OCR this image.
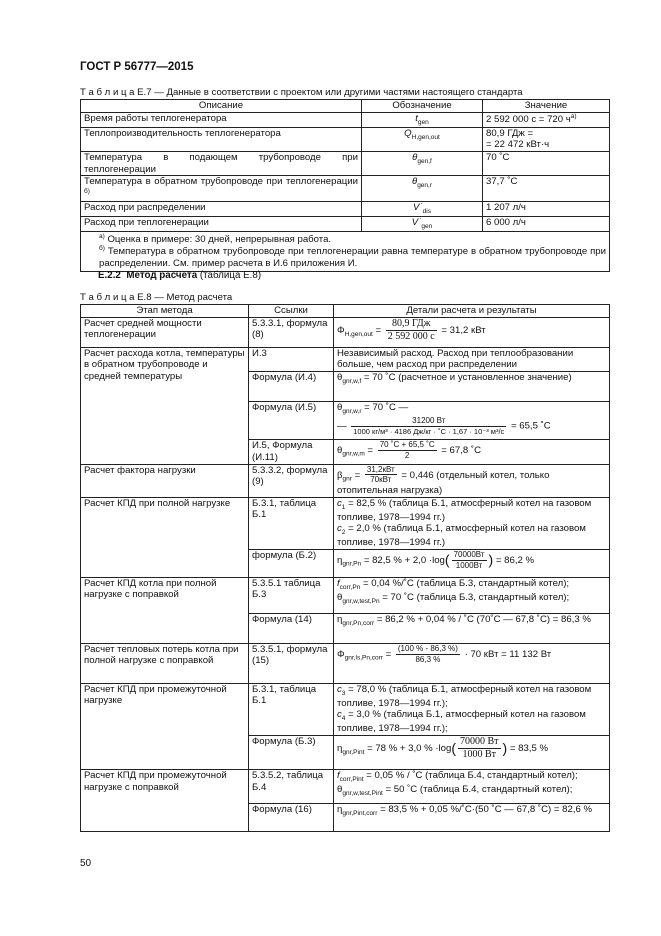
ГОСТ Р 56777—2015
Т а б л и ц а Е.7 — Данные в соответствии с проектом или другими частями настоящего стандарта
Описание	Обозначение	Значение
Время работы теплогенератора	$t_{gen}$	2 592 000 с = 720 $ч^{а)}$
Теплопроизводительность теплогенератора	$Q_{H,gen,out}$	80,9 ГДж =
= 22 472 кВт·ч

Температура в подающем трубопроводе при теплогенерации	$\theta_{gen,f}$	70 ˚С
Температура в обратном трубопроводе при теплогенерации $^{б)}$	$\theta_{gen,r}$	37,7 ˚С
Расход при распределении	$V˙_{dis}$	1 207 л/ч
Расход при теплогенерации	$V˙_{gen}$	6 000 л/ч

$^{а)}$ Оценка в примере: 30 дней, непрерывная работа.
$^{б)}$ Температура в обратном трубопроводе при теплогенерации равна температуре в обратном трубопроводе при распределении. См. пример расчета в И.6 приложения И.		
Е.2.2 Метод расчета (таблица Е.8)
Т а б л и ц а Е.8 — Метод расчета
Этап метода	Ссылки	Детали расчета и результаты
Расчет средней мощности теплогенерации	5.3.3.1, формула (8)	$\Phi_{H,gen,out}$ =
80,9 ГДж
2 592 000 с
= 31,2 кВт
Расчет расхода котла, температуры в обратном трубопроводе и средней температуры	И.3	Независимый расход. Расход при теплообразовании больше, чем расход при распределении
	Формула (И.4)	$\theta_{gnr,w,f} = 70$ ˚С (расчетное и установленное значение)
	Формула (И.5)	$\theta_{gnr,w,r} = 70$ ˚С —
— 31200 Вт
1000 кг/м³ · 4186 Дж/кг · ˚С · 1,67 · 10⁻³ м³/с = 65,5 ˚С

	И.5, Формула (И.11)	$\theta_{gnr,w,m}$ =
70 ˚С + 65,5 ˚С
2 = 67,8 ˚С
Расчет фактора нагрузки	5.3.3.2, формула (9)	$\beta_{gnr}$ =
31,2кВт
70кВт = 0,446 (отдельный котел, только
отопительная нагрузка)

Расчет КПД при полной нагрузке	Б.3.1, таблица Б.1	$c_1 = 82,5$ % (таблица Б.1, атмосферный котел на газовом топливе, 1978—1994 гг.)
$c_2 = 2,0$ % (таблица Б.1, атмосферный котел на газовом топливе, 1978—1994 гг.)

	формула (Б.2)	$\eta_{gnr,Pn} = 82,5$ % + 2,0 ·log( 70000Вт
1000Вт ) = 86,2 %
Расчет КПД котла при полной нагрузке с поправкой	5.3.5.1 таблица Б.3	$f_{corr,Pn} = 0,04$ %/˚С (таблица Б.3, стандартный котел);
$\theta_{gnr,w,test,Pn} = 70$ ˚С (таблица Б.3, стандартный котел);

	Формула (14)	$\eta_{gnr,Pn,corr} = 86,2$ % + 0,04 % / ˚С (70˚С — 67,8 ˚С) = 86,3 %
Расчет тепловых потерь котла при полной нагрузке с поправкой	5.3.5.1, формула (15)	$\Phi_{gnr,ls,Pn,corr} = \frac{(100 \% - 86,3 \%)}{86,3 \%} \cdot 70$ кВт = 11 132 Вт
Расчет КПД при промежуточной нагрузке	Б.3.1, таблица Б.1	$c_3 = 78,0$ % (таблица Б.1, атмосферный котел на газовом топливе, 1978—1994 гг.);
$c_4 = 3,0$ % (таблица Б.1, атмосферный котел на газовом топливе, 1978—1994 гг.);

	Формула (Б.3)	$\eta_{gnr,Pint} = 78$ % + 3,0 % ·log( 70000 Вт
1000 Вт ) = 83,5 %
Расчет КПД при промежуточной нагрузке с поправкой	5.3.5.2, таблица Б.4	$f_{corr,Pint} = 0,05$ % / ˚С (таблица Б.4, стандартный котел);
$\theta_{gnr,w,test,Pint} = 50$ ˚С (таблица Б.4, стандартный котел);

	Формула (16)	$\eta_{gnr,Pint,corr} = 83,5$ % + 0,05 %/˚С·(50 ˚С — 67,8 ˚С) = 82,6 %
50
